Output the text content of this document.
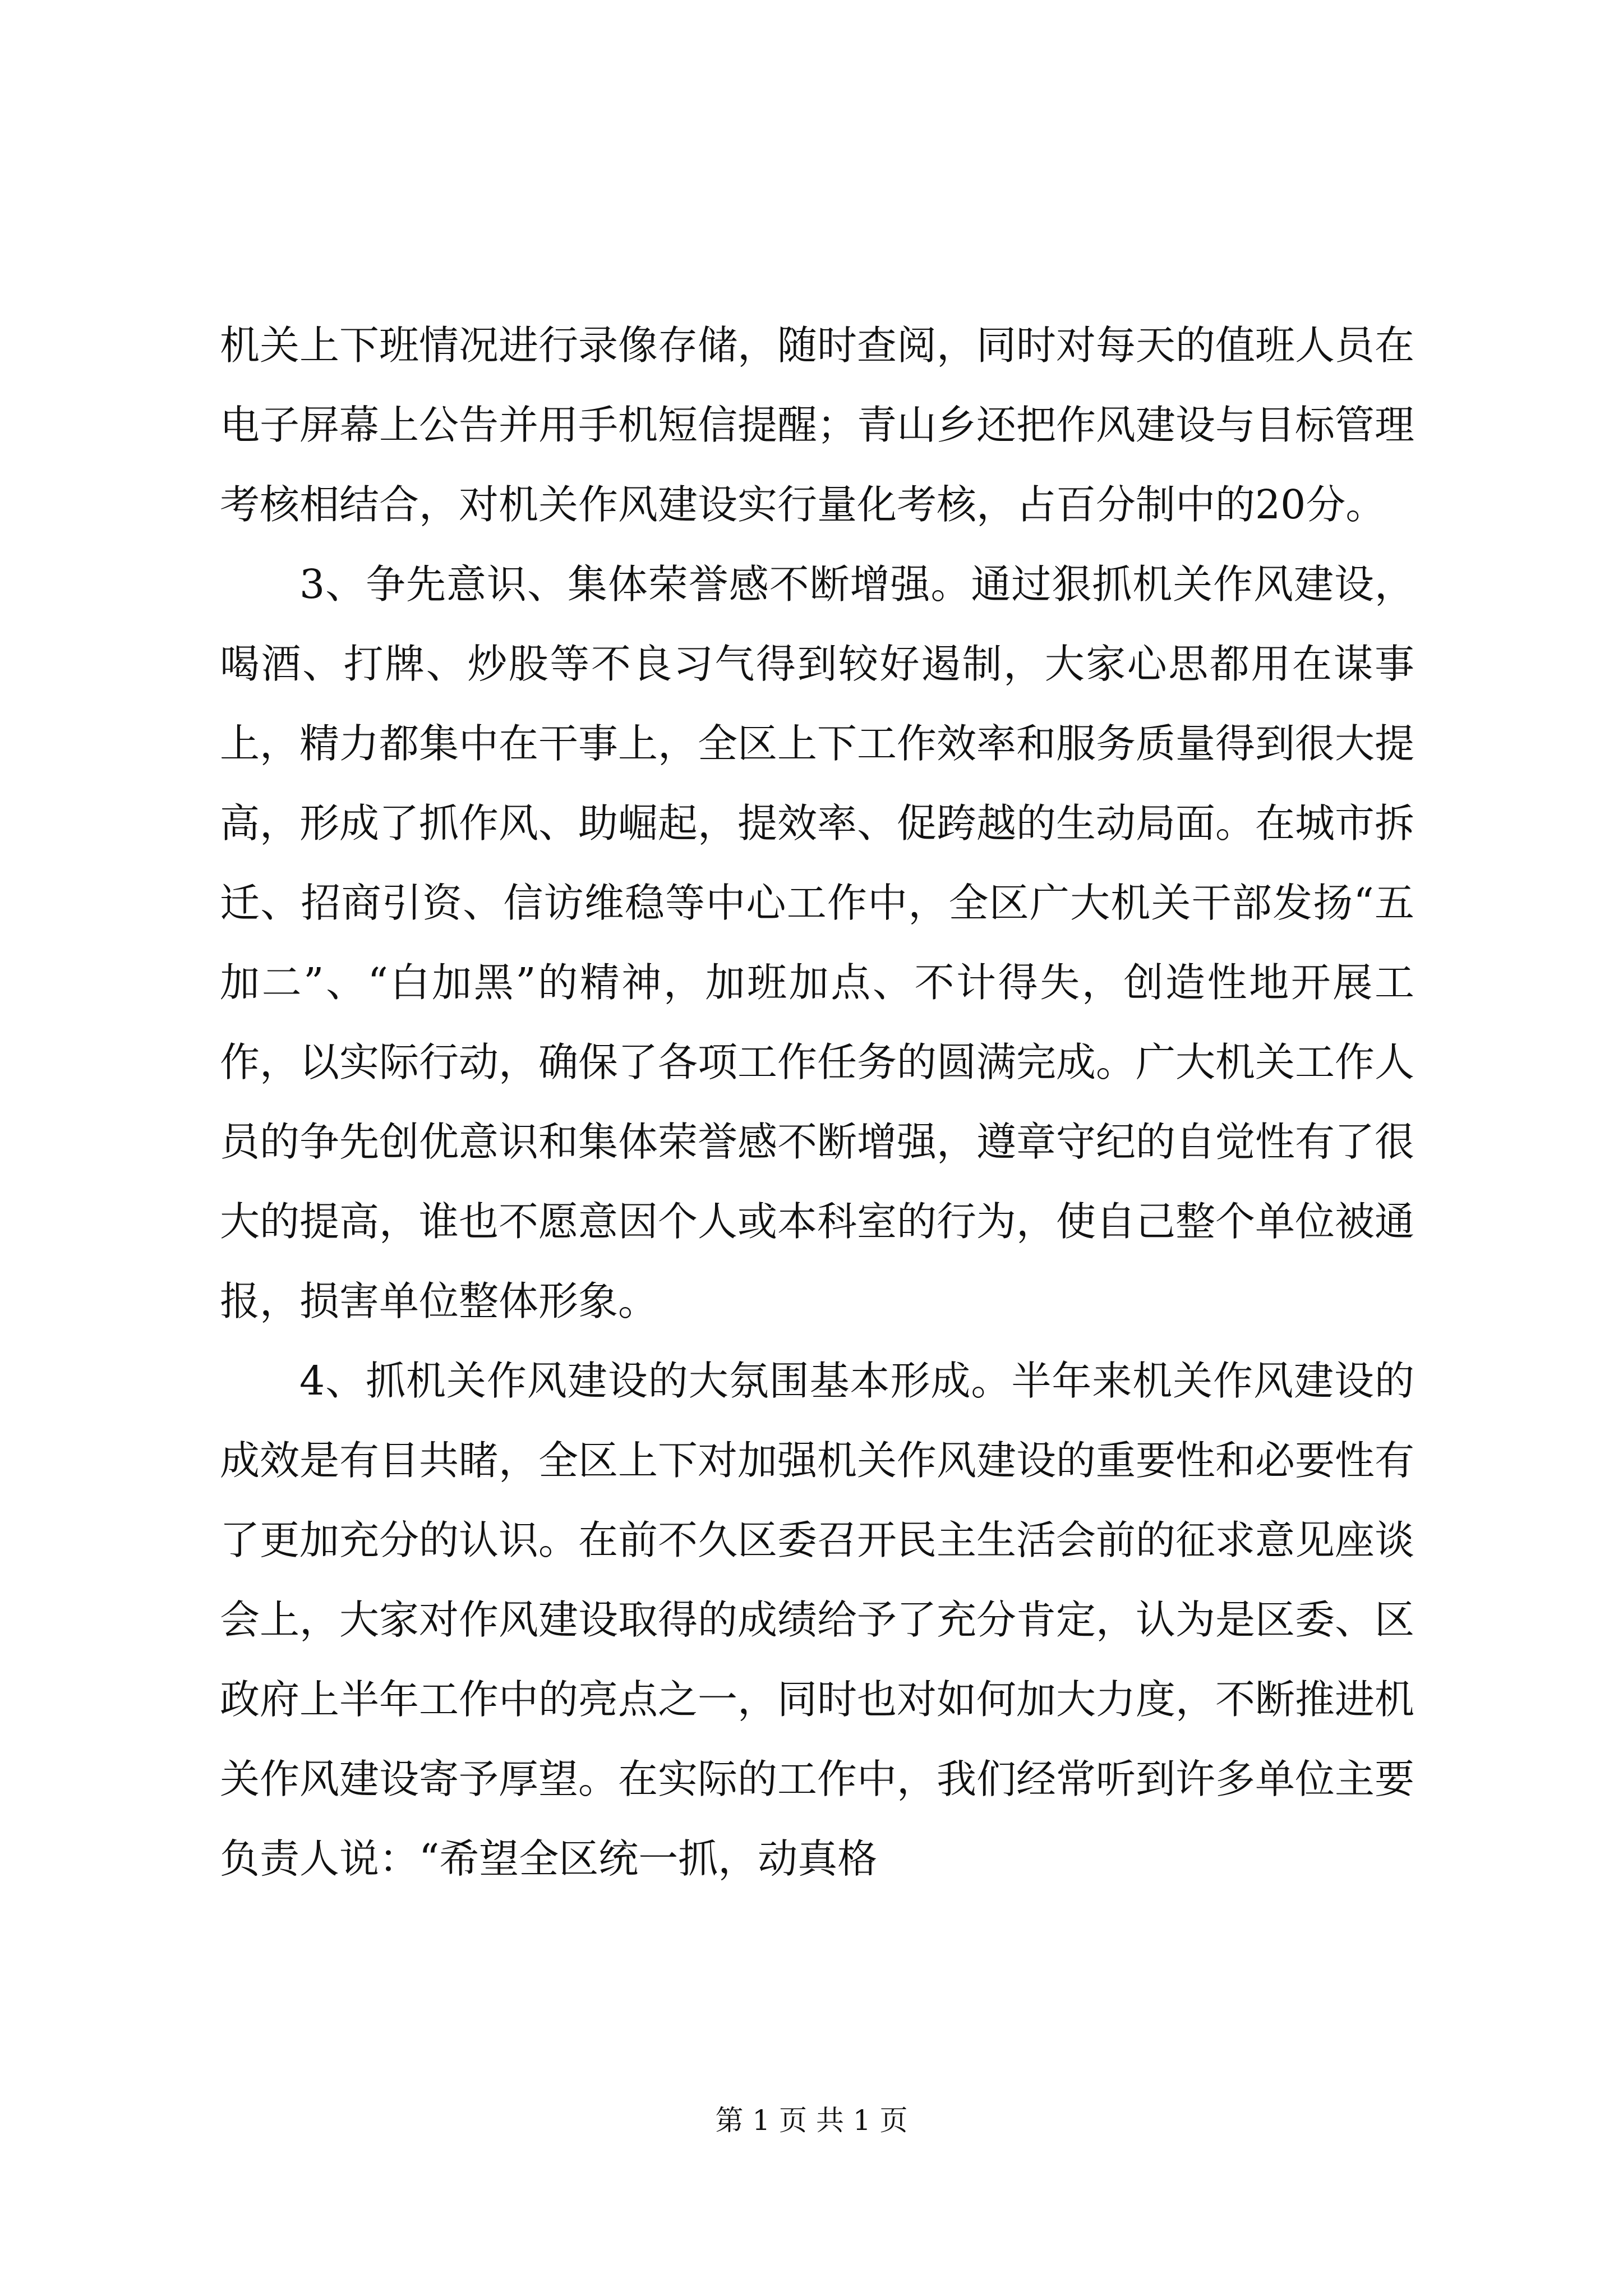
机关上下班情况进行录像存储，随时查阅，同时对每天的值班人员在电子屏幕上公告并用手机短信提醒；青山乡还把作风建设与目标管理考核相结合，对机关作风建设实行量化考核，占百分制中的20分。

3、争先意识、集体荣誉感不断增强。通过狠抓机关作风建设，喝酒、打牌、炒股等不良习气得到较好遏制，大家心思都用在谋事上，精力都集中在干事上，全区上下工作效率和服务质量得到很大提高，形成了抓作风、助崛起，提效率、促跨越的生动局面。在城市拆迁、招商引资、信访维稳等中心工作中，全区广大机关干部发扬“五加二”、“白加黑”的精神，加班加点、不计得失，创造性地开展工作，以实际行动，确保了各项工作任务的圆满完成。广大机关工作人员的争先创优意识和集体荣誉感不断增强，遵章守纪的自觉性有了很大的提高，谁也不愿意因个人或本科室的行为，使自己整个单位被通报，损害单位整体形象。

4、抓机关作风建设的大氛围基本形成。半年来机关作风建设的成效是有目共睹，全区上下对加强机关作风建设的重要性和必要性有了更加充分的认识。在前不久区委召开民主生活会前的征求意见座谈会上，大家对作风建设取得的成绩给予了充分肯定，认为是区委、区政府上半年工作中的亮点之一，同时也对如何加大力度，不断推进机关作风建设寄予厚望。在实际的工作中，我们经常听到许多单位主要负责人说：“希望全区统一抓，动真格

第 1 页 共 1 页
